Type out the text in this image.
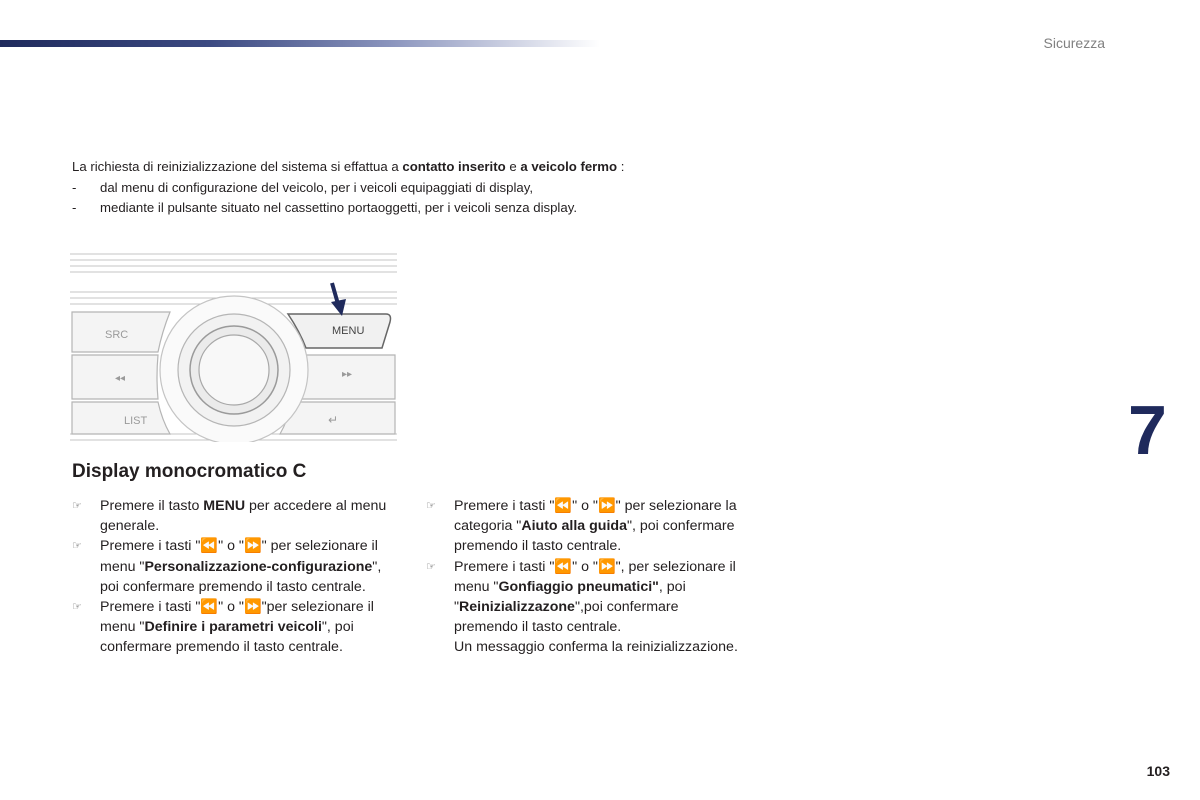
Sicurezza
La richiesta di reinizializzazione del sistema si effattua a contatto inserito e a veicolo fermo :
-	dal menu di configurazione del veicolo, per i veicoli equipaggiati di display,
-	mediante il pulsante situato nel cassettino portaoggetti, per i veicoli senza display.
SRC	MENU
◂◂	▸▸
LIST	↵	7
Display monocromatico C
☞ Premere il tasto MENU per accedere al menu generale.
☞ Premere i tasti "⏪" o "⏩" per selezionare il menu "Personalizzazione-configurazione", poi confermare premendo il tasto centrale.
☞ Premere i tasti "⏪" o "⏩"per selezionare il menu "Definire i parametri veicoli", poi confermare premendo il tasto centrale.
☞ Premere i tasti "⏪" o "⏩" per selezionare la categoria "Aiuto alla guida", poi confermare premendo il tasto centrale.
☞ Premere i tasti "⏪" o "⏩", per selezionare il menu "Gonfiaggio pneumatici", poi "Reinizializzazone",poi confermare premendo il tasto centrale.
Un messaggio conferma la reinizializzazione.
103
